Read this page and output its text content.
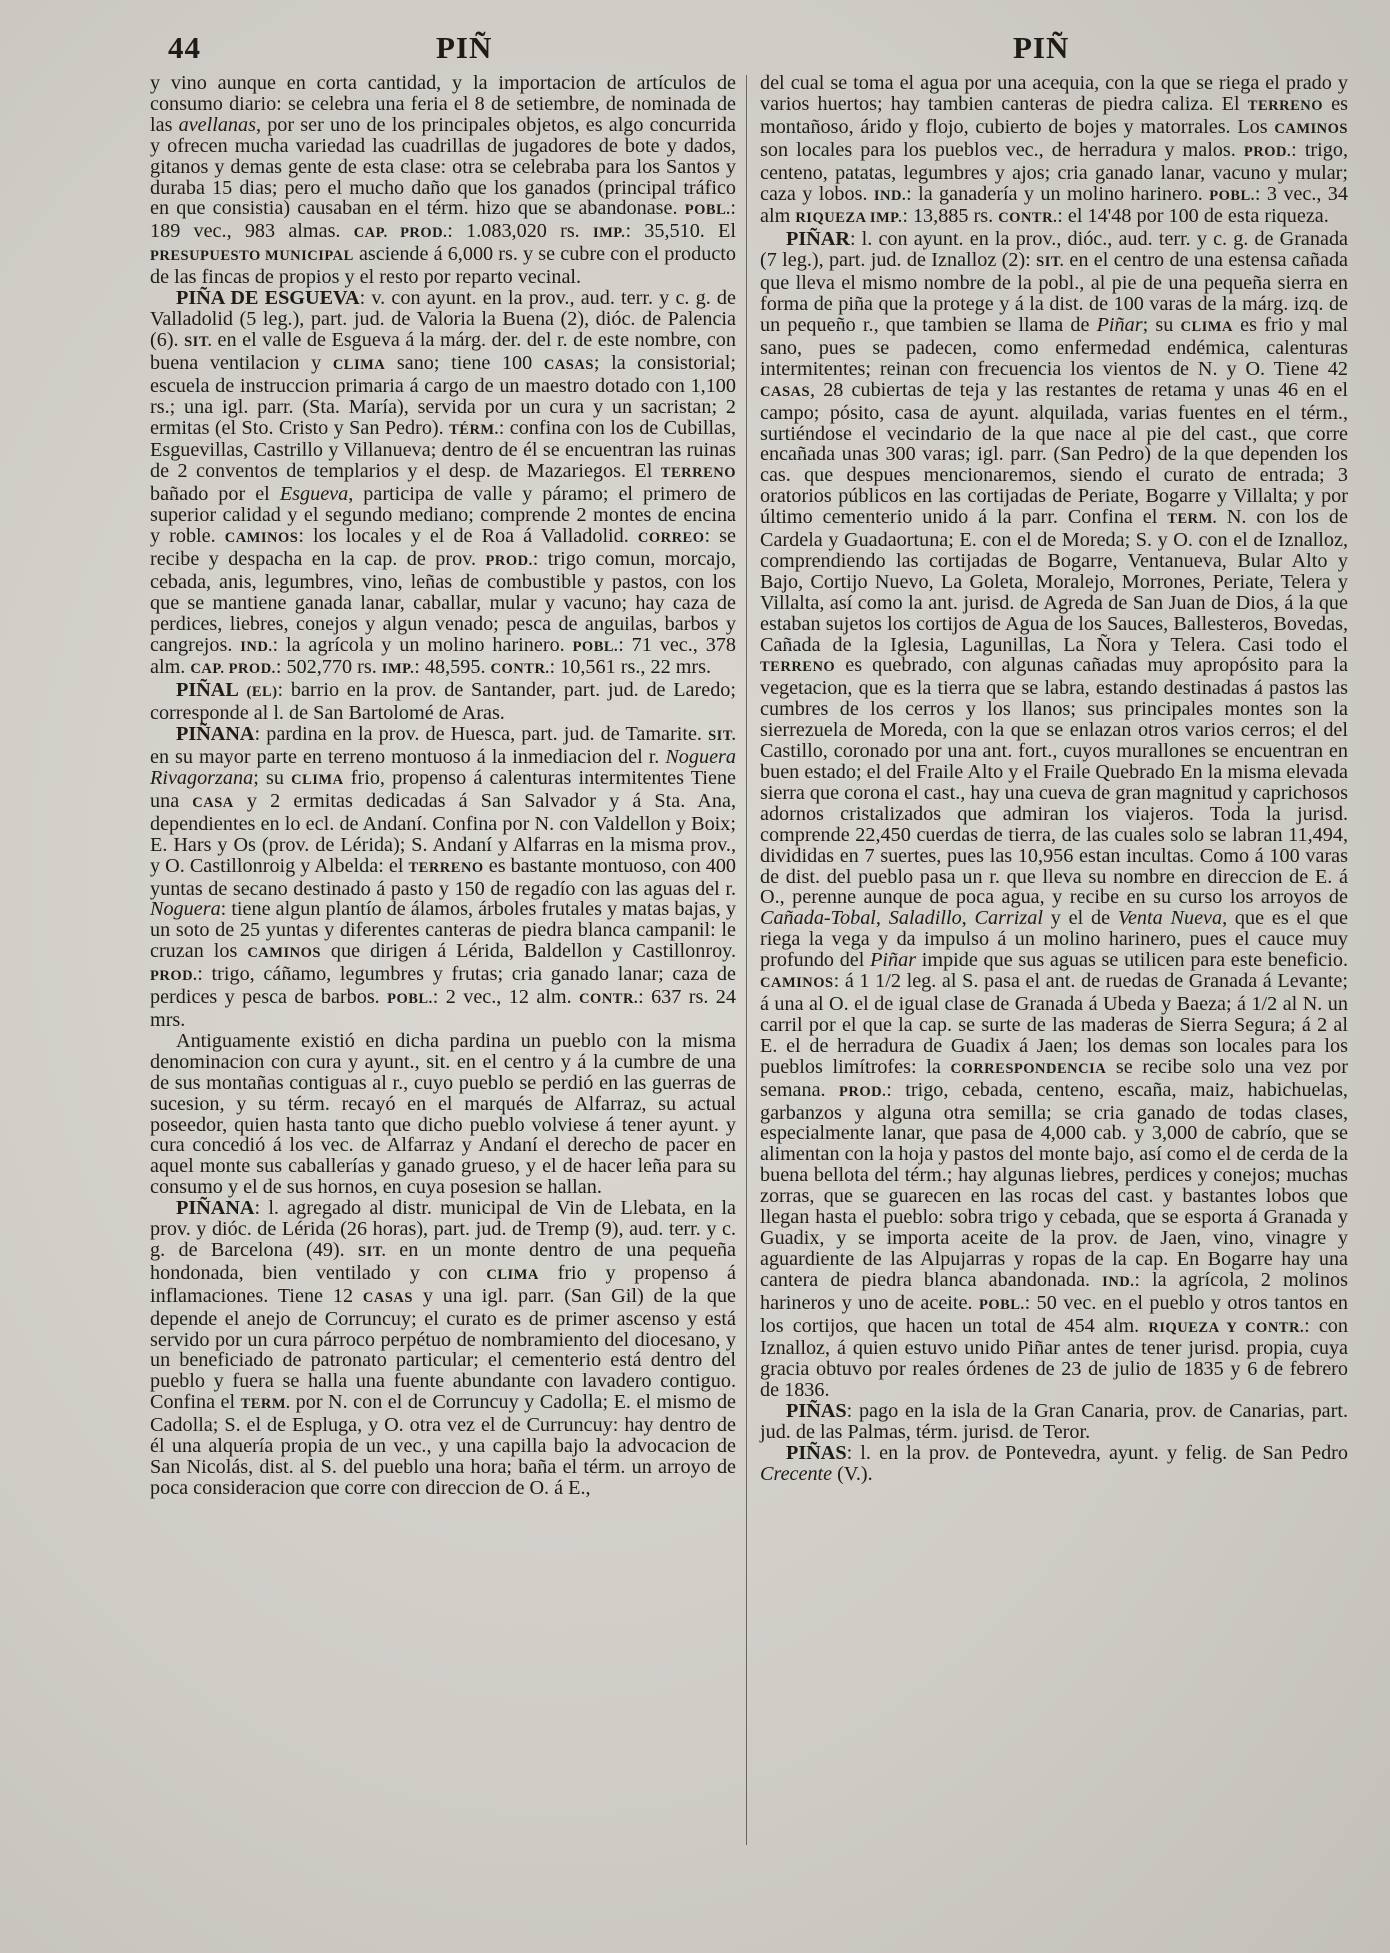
44	PIÑ	PIÑ

y vino aunque en corta cantidad, y la importacion de artículos de consumo diario: se celebra una feria el 8 de setiembre, de nominada de las avellanas, por ser uno de los principales objetos, es algo concurrida y ofrecen mucha variedad las cuadrillas de jugadores de bote y dados, gitanos y demas gente de esta clase: otra se celebraba para los Santos y duraba 15 dias; pero el mucho daño que los ganados (principal tráfico en que consistia) causaban en el térm. hizo que se abandonase. POBL.: 189 vec., 983 almas. CAP. PROD.: 1.083,020 rs. IMP.: 35,510. El PRESUPUESTO MUNICIPAL asciende á 6,000 rs. y se cubre con el producto de las fincas de propios y el resto por reparto vecinal.

PIÑA DE ESGUEVA: v. con ayunt. en la prov., aud. terr. y c. g. de Valladolid (5 leg.), part. jud. de Valoria la Buena (2), dióc. de Palencia (6). SIT. en el valle de Esgueva á la márg. der. del r. de este nombre, con buena ventilacion y CLIMA sano; tiene 100 CASAS; la consistorial; escuela de instruccion primaria á cargo de un maestro dotado con 1,100 rs.; una igl. parr. (Sta. María), servida por un cura y un sacristan; 2 ermitas (el Sto. Cristo y San Pedro). TÉRM.: confina con los de Cubillas, Esguevillas, Castrillo y Villanueva; dentro de él se encuentran las ruinas de 2 conventos de templarios y el desp. de Mazariegos. El TERRENO bañado por el Esgueva, participa de valle y páramo; el primero de superior calidad y el segundo mediano; comprende 2 montes de encina y roble. CAMINOS: los locales y el de Roa á Valladolid. CORREO: se recibe y despacha en la cap. de prov. PROD.: trigo comun, morcajo, cebada, anis, legumbres, vino, leñas de combustible y pastos, con los que se mantiene ganada lanar, caballar, mular y vacuno; hay caza de perdices, liebres, conejos y algun venado; pesca de anguilas, barbos y cangrejos. IND.: la agrícola y un molino harinero. POBL.: 71 vec., 378 alm. CAP. PROD.: 502,770 rs. IMP.: 48,595. CONTR.: 10,561 rs., 22 mrs.

PIÑAL (EL): barrio en la prov. de Santander, part. jud. de Laredo; corresponde al l. de San Bartolomé de Aras.

PIÑANA: pardina en la prov. de Huesca, part. jud. de Tamarite. SIT. en su mayor parte en terreno montuoso á la inmediacion del r. Noguera Rivagorzana; su CLIMA frio, propenso á calenturas intermitentes Tiene una CASA y 2 ermitas dedicadas á San Salvador y á Sta. Ana, dependientes en lo ecl. de Andaní. Confina por N. con Valdellon y Boix; E. Hars y Os (prov. de Lérida); S. Andaní y Alfarras en la misma prov., y O. Castillonroig y Albelda: el TERRENO es bastante montuoso, con 400 yuntas de secano destinado á pasto y 150 de regadío con las aguas del r. Noguera: tiene algun plantío de álamos, árboles frutales y matas bajas, y un soto de 25 yuntas y diferentes canteras de piedra blanca campanil: le cruzan los CAMINOS que dirigen á Lérida, Baldellon y Castillonroy. PROD.: trigo, cáñamo, legumbres y frutas; cria ganado lanar; caza de perdices y pesca de barbos. POBL.: 2 vec., 12 alm. CONTR.: 637 rs. 24 mrs.

Antiguamente existió en dicha pardina un pueblo con la misma denominacion con cura y ayunt., sit. en el centro y á la cumbre de una de sus montañas contiguas al r., cuyo pueblo se perdió en las guerras de sucesion, y su térm. recayó en el marqués de Alfarraz, su actual poseedor, quien hasta tanto que dicho pueblo volviese á tener ayunt. y cura concedió á los vec. de Alfarraz y Andaní el derecho de pacer en aquel monte sus caballerías y ganado grueso, y el de hacer leña para su consumo y el de sus hornos, en cuya posesion se hallan.

PIÑANA: l. agregado al distr. municipal de Vin de Llebata, en la prov. y dióc. de Lérida (26 horas), part. jud. de Tremp (9), aud. terr. y c. g. de Barcelona (49). SIT. en un monte dentro de una pequeña hondonada, bien ventilado y con CLIMA frio y propenso á inflamaciones. Tiene 12 CASAS y una igl. parr. (San Gil) de la que depende el anejo de Corruncuy; el curato es de primer ascenso y está servido por un cura párroco perpétuo de nombramiento del diocesano, y un beneficiado de patronato particular; el cementerio está dentro del pueblo y fuera se halla una fuente abundante con lavadero contiguo. Confina el TERM. por N. con el de Corruncuy y Cadolla; E. el mismo de Cadolla; S. el de Espluga, y O. otra vez el de Curruncuy: hay dentro de él una alquería propia de un vec., y una capilla bajo la advocacion de San Nicolás, dist. al S. del pueblo una hora; baña el térm. un arroyo de poca consideracion que corre con direccion de O. á E.,

del cual se toma el agua por una acequia, con la que se riega el prado y varios huertos; hay tambien canteras de piedra caliza. El TERRENO es montañoso, árido y flojo, cubierto de bojes y matorrales. Los CAMINOS son locales para los pueblos vec., de herradura y malos. PROD.: trigo, centeno, patatas, legumbres y ajos; cria ganado lanar, vacuno y mular; caza y lobos. IND.: la ganadería y un molino harinero. POBL.: 3 vec., 34 alm RIQUEZA IMP.: 13,885 rs. CONTR.: el 14'48 por 100 de esta riqueza.

PIÑAR: l. con ayunt. en la prov., dióc., aud. terr. y c. g. de Granada (7 leg.), part. jud. de Iznalloz (2): SIT. en el centro de una estensa cañada que lleva el mismo nombre de la pobl., al pie de una pequeña sierra en forma de piña que la protege y á la dist. de 100 varas de la márg. izq. de un pequeño r., que tambien se llama de Piñar; su CLIMA es frio y mal sano, pues se padecen, como enfermedad endémica, calenturas intermitentes; reinan con frecuencia los vientos de N. y O. Tiene 42 CASAS, 28 cubiertas de teja y las restantes de retama y unas 46 en el campo; pósito, casa de ayunt. alquilada, varias fuentes en el térm., surtiéndose el vecindario de la que nace al pie del cast., que corre encañada unas 300 varas; igl. parr. (San Pedro) de la que dependen los cas. que despues mencionaremos, siendo el curato de entrada; 3 oratorios públicos en las cortijadas de Periate, Bogarre y Villalta; y por último cementerio unido á la parr. Confina el TERM. N. con los de Cardela y Guadaortuna; E. con el de Moreda; S. y O. con el de Iznalloz, comprendiendo las cortijadas de Bogarre, Ventanueva, Bular Alto y Bajo, Cortijo Nuevo, La Goleta, Moralejo, Morrones, Periate, Telera y Villalta, así como la ant. jurisd. de Agreda de San Juan de Dios, á la que estaban sujetos los cortijos de Agua de los Sauces, Ballesteros, Bovedas, Cañada de la Iglesia, Lagunillas, La Ñora y Telera. Casi todo el TERRENO es quebrado, con algunas cañadas muy apropósito para la vegetacion, que es la tierra que se labra, estando destinadas á pastos las cumbres de los cerros y los llanos; sus principales montes son la sierrezuela de Moreda, con la que se enlazan otros varios cerros; el del Castillo, coronado por una ant. fort., cuyos murallones se encuentran en buen estado; el del Fraile Alto y el Fraile Quebrado En la misma elevada sierra que corona el cast., hay una cueva de gran magnitud y caprichosos adornos cristalizados que admiran los viajeros. Toda la jurisd. comprende 22,450 cuerdas de tierra, de las cuales solo se labran 11,494, divididas en 7 suertes, pues las 10,956 estan incultas. Como á 100 varas de dist. del pueblo pasa un r. que lleva su nombre en direccion de E. á O., perenne aunque de poca agua, y recibe en su curso los arroyos de Cañada-Tobal, Saladillo, Carrizal y el de Venta Nueva, que es el que riega la vega y da impulso á un molino harinero, pues el cauce muy profundo del Piñar impide que sus aguas se utilicen para este beneficio. CAMINOS: á 1 1/2 leg. al S. pasa el ant. de ruedas de Granada á Levante; á una al O. el de igual clase de Granada á Ubeda y Baeza; á 1/2 al N. un carril por el que la cap. se surte de las maderas de Sierra Segura; á 2 al E. el de herradura de Guadix á Jaen; los demas son locales para los pueblos limítrofes: la CORRESPONDENCIA se recibe solo una vez por semana. PROD.: trigo, cebada, centeno, escaña, maiz, habichuelas, garbanzos y alguna otra semilla; se cria ganado de todas clases, especialmente lanar, que pasa de 4,000 cab. y 3,000 de cabrío, que se alimentan con la hoja y pastos del monte bajo, así como el de cerda de la buena bellota del térm.; hay algunas liebres, perdices y conejos; muchas zorras, que se guarecen en las rocas del cast. y bastantes lobos que llegan hasta el pueblo: sobra trigo y cebada, que se esporta á Granada y Guadix, y se importa aceite de la prov. de Jaen, vino, vinagre y aguardiente de las Alpujarras y ropas de la cap. En Bogarre hay una cantera de piedra blanca abandonada. IND.: la agrícola, 2 molinos harineros y uno de aceite. POBL.: 50 vec. en el pueblo y otros tantos en los cortijos, que hacen un total de 454 alm. RIQUEZA Y CONTR.: con Iznalloz, á quien estuvo unido Piñar antes de tener jurisd. propia, cuya gracia obtuvo por reales órdenes de 23 de julio de 1835 y 6 de febrero de 1836.

PIÑAS: pago en la isla de la Gran Canaria, prov. de Canarias, part. jud. de las Palmas, térm. jurisd. de Teror.

PIÑAS: l. en la prov. de Pontevedra, ayunt. y felig. de San Pedro Crecente (V.).
